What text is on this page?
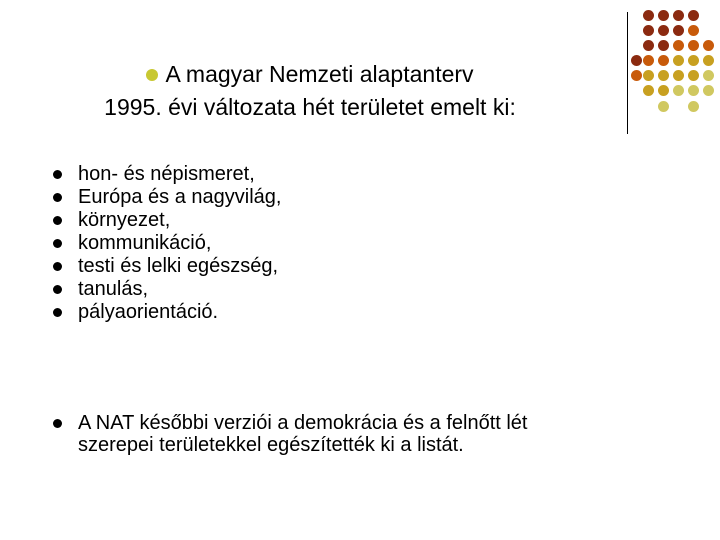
A magyar Nemzeti alaptanterv
1995. évi változata hét területet emelt ki:
hon- és népismeret,
Európa és a nagyvilág,
környezet,
kommunikáció,
testi és lelki egészség,
tanulás,
pályaorientáció.
A NAT későbbi verziói a demokrácia és a felnőtt lét
szerepei területekkel egészítették ki a listát.
